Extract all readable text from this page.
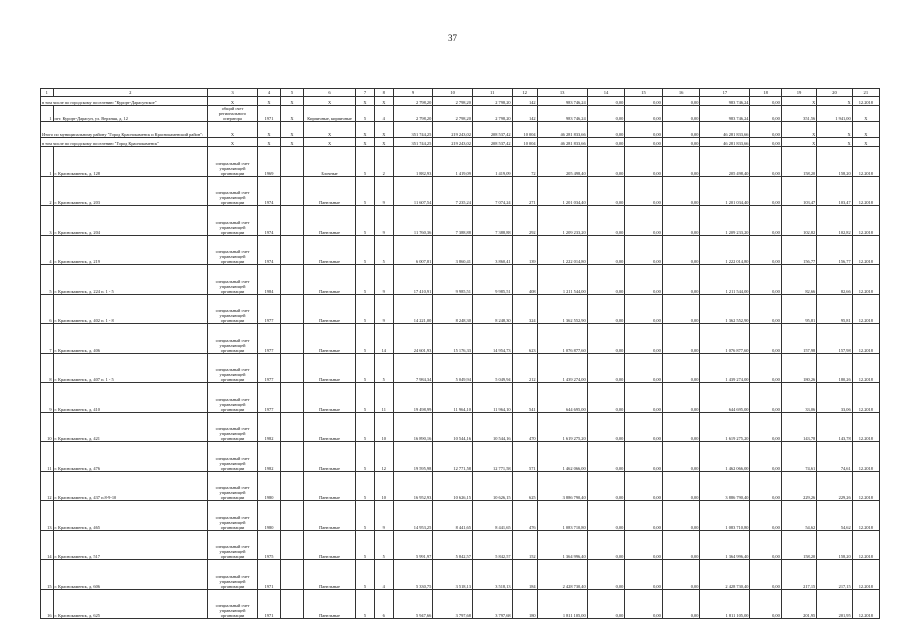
37
1	2	3	4	5	6	7	8	9	10	11	12	13	14	15	16	17	18	19	20	21
в том числе по городскому поселению "Курорт-Дарасунское"		Х	Х	Х	Х	Х	Х	2 798,20	2 798,20	2 798,20	142	983 746,24	0,00	0,00	0,00	983 746,24	0,00	Х	Х	12.2018
1	пгт. Курорт-Дарасун, ул. Верхняя, д. 12	общий счет регионального оператора	1971	Х	Кирпичные, кирпичные	5	4	2 798,20	2 798,20	2 798,20	142	983 746,24	0,00	0,00	0,00	983 746,24	0,00	351,56	1 941,00	Х
Итого по муниципальному району "Город Краснокаменск и Краснокаменский район":		Х	Х	Х	Х	Х	Х	351 744,25	219 243,02	208 537,42	10 004	46 281 833,66	0,00	0,00	0,00	46 281 833,66	0,00	Х	Х	Х
в том числе по городскому поселению "Город Краснокаменск"		Х	Х	Х	Х	Х	Х	351 744,25	219 243,02	208 537,42	10 004	46 281 833,66	0,00	0,00	0,00	46 281 833,66	0,00	Х	Х	Х
1	г. Краснокаменск, д. 128	специальный счет управляющей организации	1969		Блочные	5	2	1 882,93	1 419,09	1 419,09	72	205 498,40	0,00	0,00	0,00	205 498,40	0,00	158,20	158,20	12.2018
2	г. Краснокаменск, д. 203	специальный счет управляющей организации	1974		Панельные	5	9	11 607,54	7 235,24	7 074,24	271	1 201 034,40	0,00	0,00	0,00	1 201 034,40	0,00	103,47	103,47	12.2018
3	г. Краснокаменск, д. 204	специальный счет управляющей организации	1974		Панельные	5	9	11 760,36	7 388,88	7 388,88	292	1 209 233,20	0,00	0,00	0,00	1 209 233,20	0,00	102,82	102,82	12.2018
4	г. Краснокаменск, д. 219	специальный счет управляющей организации	1974		Панельные	5	5	6 007,81	3 860,41	3 860,41	139	1 222 014,80	0,00	0,00	0,00	1 222 014,80	0,00	156,77	156,77	12.2018
5	г. Краснокаменск, д. 224 п. 1 - 5	специальный счет управляющей организации	1984		Панельные	5	9	17 410,91	9 985,51	9 985,51	408	1 211 544,00	0,00	0,00	0,00	1 211 544,00	0,00	82,66	82,66	12.2018
6	г. Краснокаменск, д. 402 п. 1 - 8	специальный счет управляющей организации	1977		Панельные	5	9	14 221,00	8 248,30	8 248,30	324	1 362 552,90	0,00	0,00	0,00	1 362 552,90	0,00	95,81	95,81	12.2018
7	г. Краснокаменск, д. 406	специальный счет управляющей организации	1977		Панельные	5	14	24 601,93	15 176,33	14 954,73	623	1 076 877,60	0,00	0,00	0,00	1 076 877,60	0,00	157,98	157,98	12.2018
8	г. Краснокаменск, д. 407 п. 1 - 5	специальный счет управляющей организации	1977		Панельные	5	5	7 984,34	5 049,94	5 049,94	212	1 439 274,00	0,00	0,00	0,00	1 439 274,00	0,00	180,26	180,26	12.2018
9	г. Краснокаменск, д. 410	специальный счет управляющей организации	1977		Панельные	5	11	19 498,99	11 964,10	11 964,10	541	644 695,00	0,00	0,00	0,00	644 695,00	0,00	33,06	33,06	12.2018
10	г. Краснокаменск, д. 421	специальный счет управляющей организации	1982		Панельные	5	10	16 890,16	10 544,16	10 544,16	470	1 619 275,20	0,00	0,00	0,00	1 619 275,20	0,00	143,78	143,78	12.2018
11	г. Краснокаменск, д. 476	специальный счет управляющей организации	1982		Панельные	5	12	19 595,98	12 771,58	12 771,58	571	1 462 066,00	0,00	0,00	0,00	1 462 066,00	0,00	74,61	74,61	12.2018
12	г. Краснокаменск, д. 437 п.8-9-10	специальный счет управляющей организации	1980		Панельные	5	10	16 952,93	10 626,15	10 626,15	625	3 886 790,40	0,00	0,00	0,00	3 886 790,40	0,00	229,26	229,26	12.2018
13	г. Краснокаменск, д. 465	специальный счет управляющей организации	1980		Панельные	5	9	14 953,25	8 441,65	8 441,65	476	1 083 710,80	0,00	0,00	0,00	1 083 710,80	0,00	54,62	54,62	12.2018
14	г. Краснокаменск, д. 517	специальный счет управляющей организации	1975		Панельные	5	5	5 991,97	5 842,57	5 842,57	152	1 364 996,40	0,00	0,00	0,00	1 364 996,40	0,00	158,20	158,20	12.2018
15	г. Краснокаменск, д. 606	специальный счет управляющей организации	1971		Панельные	5	4	5 330,75	3 518,13	3 518,13	184	2 428 730,40	0,00	0,00	0,00	2 428 730,40	0,00	217,15	217,15	12.2018
16	г. Краснокаменск, д. 625	специальный счет управляющей организации	1971		Панельные	5	6	5 947,66	3 797,68	3 797,68	180	1 811 105,00	0,00	0,00	0,00	1 811 105,00	0,00	201,95	201,95	12.2018
